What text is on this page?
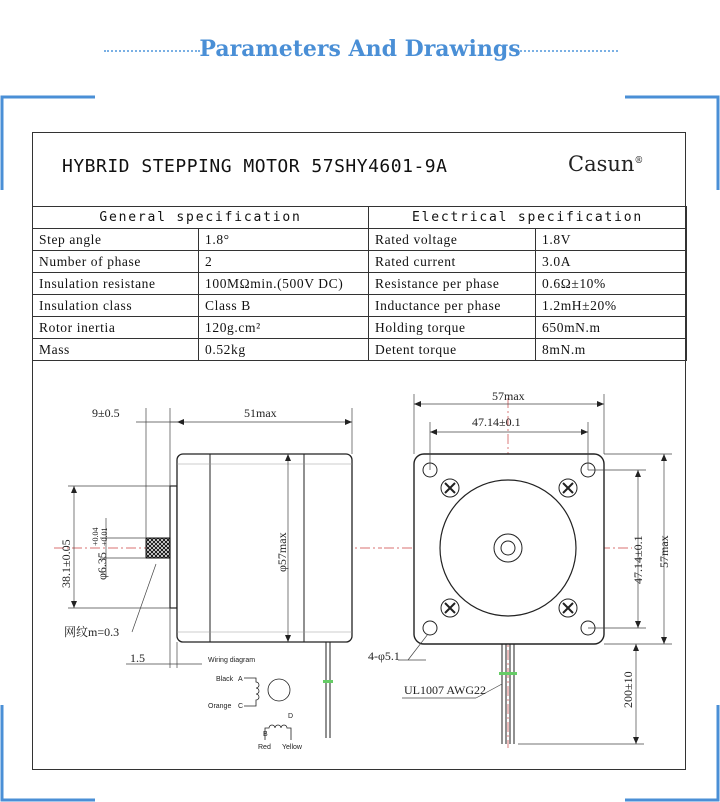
Parameters And Drawings
HYBRID STEPPING MOTOR 57SHY4601-9A	Casun®
General specification		Electrical specification	
Step angle	1.8°	Rated voltage	1.8V
Number of phase	2	Rated current	3.0A
Insulation resistane	100MΩmin.(500V DC)	Resistance per phase	0.6Ω±10%
Insulation class	Class B	Inductance per phase	1.2mH±20%
Rotor inertia	120g.cm²	Holding torque	650mN.m
Mass	0.52kg	Detent torque	8mN.m
9±0.5	51max
φ57max
38.1±0.05 φ6.35
+0.04 +0.01
网纹m=0.3
1.5	Wiring diagram
Black A
Orange C
B
D
Red Yellow
57max
47.14±0.1
47.14±0.1 57max
4-φ5.1
200±10
UL1007 AWG22
